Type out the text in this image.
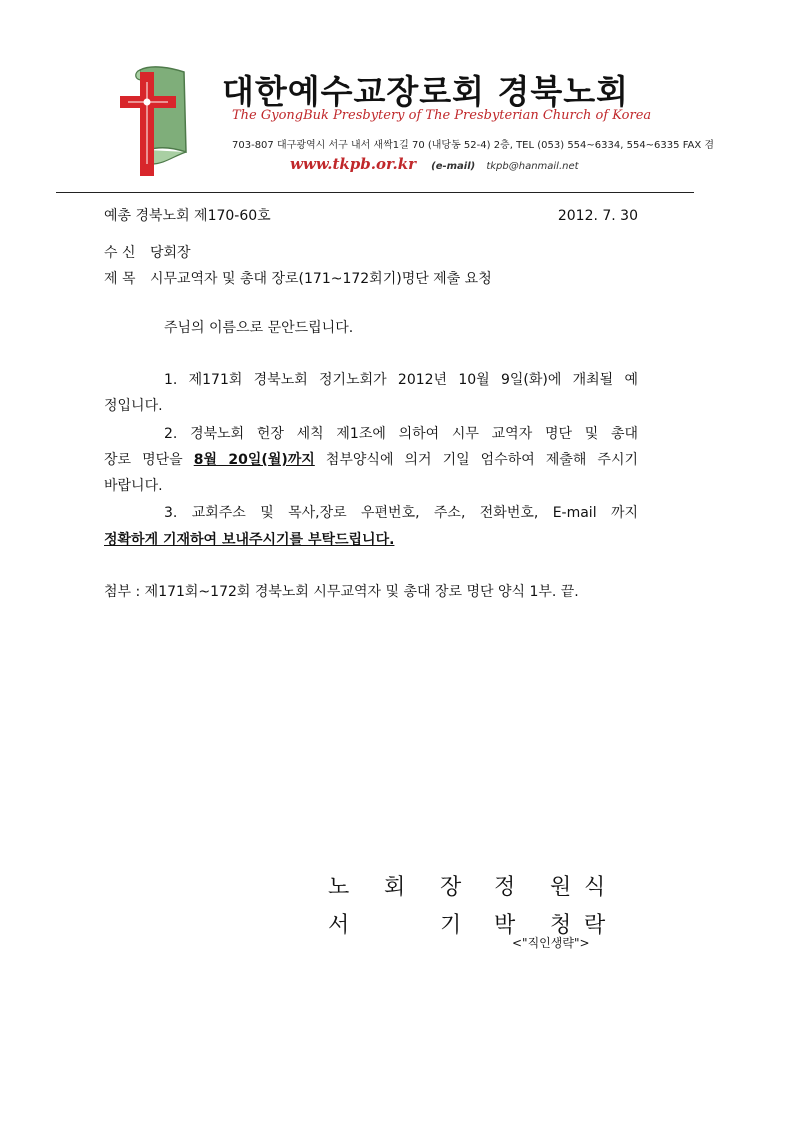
대한예수교장로회 경북노회
The GyongBuk Presbytery of The Presbyterian Church of Korea
703-807 대구광역시 서구 내서 새싹1길 70 (내당동 52-4) 2층, TEL (053) 554~6334, 554~6335 FAX 겸
www.tkpb.or.kr (e-mail) tkpb@hanmail.net
예총 경북노회 제170-60호	2012. 7. 30
수 신 당회장
제 목 시무교역자 및 총대 장로(171~172회기)명단 제출 요청
주님의 이름으로 문안드립니다.
1. 제171회 경북노회 정기노회가 2012년 10월 9일(화)에 개최될 예
정입니다.
2. 경북노회 헌장 세칙 제1조에 의하여 시무 교역자 명단 및 총대
장로 명단을 8월 20일(월)까지 첨부양식에 의거 기일 엄수하여 제출해 주시기
바랍니다.
3. 교회주소 및 목사,장로 우편번호, 주소, 전화번호, E-mail 까지
정확하게 기재하여 보내주시기를 부탁드립니다.
첨부 : 제171회~172회 경북노회 시무교역자 및 총대 장로 명단 양식 1부. 끝.
노 회 장 정 원 식
서	기 박 청 락
<"직인생략">
